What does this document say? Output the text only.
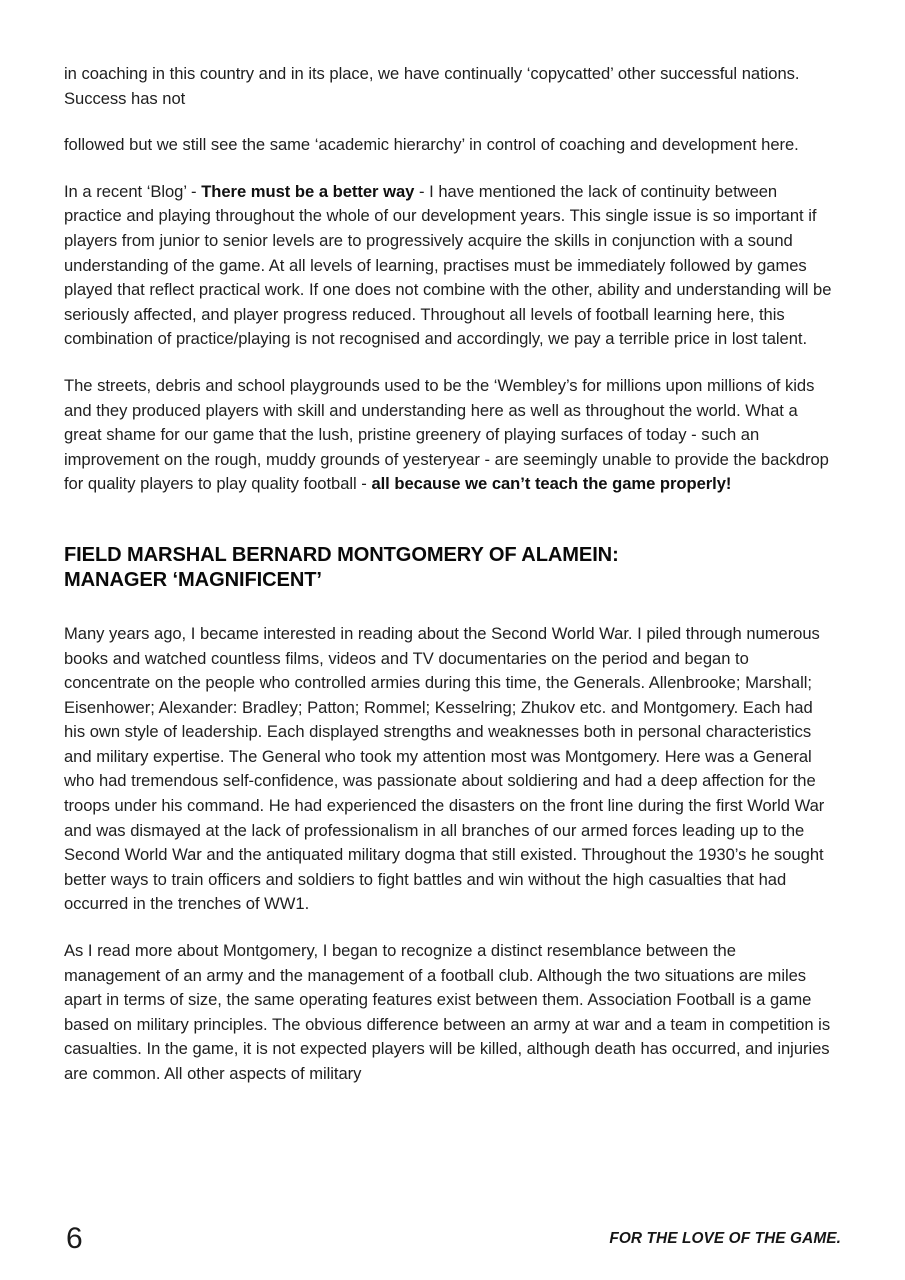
in coaching in this country and in its place, we have continually ‘copycatted’ other successful nations. Success has not

followed but we still see the same ‘academic hierarchy’ in control of coaching and development here.

In a recent ‘Blog’ - There must be a better way - I have mentioned the lack of continuity between practice and playing throughout the whole of our development years. This single issue is so important if players from junior to senior levels are to progressively acquire the skills in conjunction with a sound understanding of the game. At all levels of learning, practises must be immediately followed by games played that reflect practical work. If one does not combine with the other, ability and understanding will be seriously affected, and player progress reduced. Throughout all levels of football learning here, this combination of practice/playing is not recognised and accordingly, we pay a terrible price in lost talent.

The streets, debris and school playgrounds used to be the ‘Wembley’s for millions upon millions of kids and they produced players with skill and understanding here as well as throughout the world. What a great shame for our game that the lush, pristine greenery of playing surfaces of today - such an improvement on the rough, muddy grounds of yesteryear - are seemingly unable to provide the backdrop for quality players to play quality football - all because we can’t teach the game properly!

FIELD MARSHAL BERNARD MONTGOMERY OF ALAMEIN:
MANAGER ‘MAGNIFICENT’

Many years ago, I became interested in reading about the Second World War. I piled through numerous books and watched countless films, videos and TV documentaries on the period and began to concentrate on the people who controlled armies during this time, the Generals. Allenbrooke; Marshall; Eisenhower; Alexander: Bradley; Patton; Rommel; Kesselring; Zhukov etc. and Montgomery. Each had his own style of leadership. Each displayed strengths and weaknesses both in personal characteristics and military expertise. The General who took my attention most was Montgomery. Here was a General who had tremendous self-confidence, was passionate about soldiering and had a deep affection for the troops under his command. He had experienced the disasters on the front line during the first World War and was dismayed at the lack of professionalism in all branches of our armed forces leading up to the Second World War and the antiquated military dogma that still existed. Throughout the 1930’s he sought better ways to train officers and soldiers to fight battles and win without the high casualties that had occurred in the trenches of WW1.

As I read more about Montgomery, I began to recognize a distinct resemblance between the management of an army and the management of a football club. Although the two situations are miles apart in terms of size, the same operating features exist between them. Association Football is a game based on military principles. The obvious difference between an army at war and a team in competition is casualties. In the game, it is not expected players will be killed, although death has occurred, and injuries are common. All other aspects of military

6	FOR THE LOVE OF THE GAME.
